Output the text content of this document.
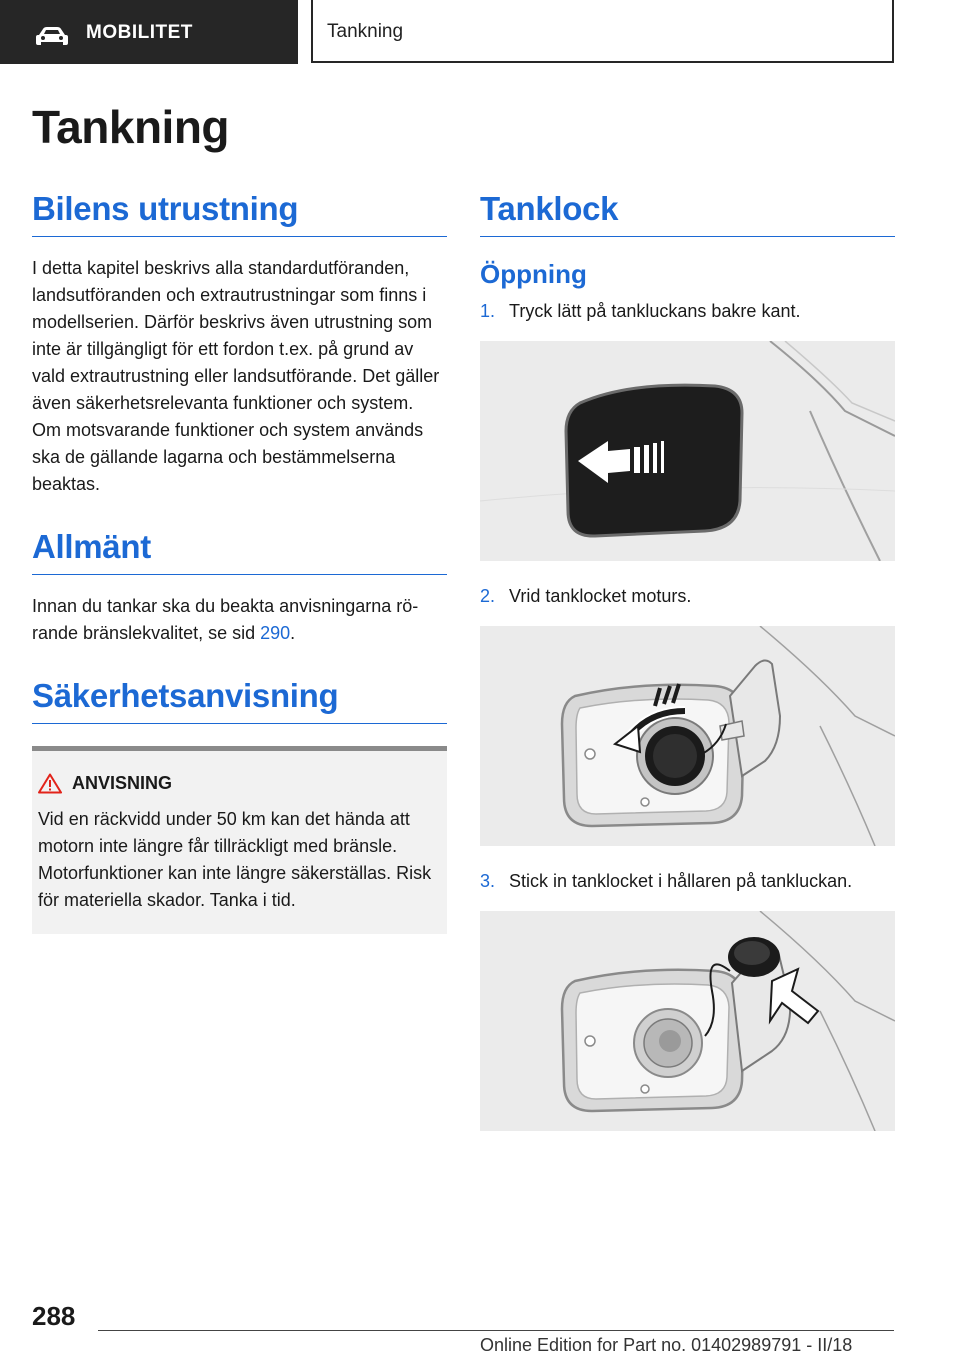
MOBILITET	Tankning
Tankning
Bilens utrustning

I detta kapitel beskrivs alla standardutföranden, landsutföranden och extrautrustningar som finns i modellserien. Därför beskrivs även utrustning som inte är tillgängligt för ett fordon t.ex. på grund av vald extrautrustning eller landsutförande. Det gäller även säkerhetsrelevanta funktioner och system. Om motsvarande funktioner och system används ska de gällande lagarna och bestämmelserna beaktas.

Allmänt

Innan du tankar ska du beakta anvisningarna rörande bränslekvalitet, se sid 290.

Säkerhetsanvisning
ANVISNING
Vid en räckvidd under 50 km kan det hända att motorn inte längre får tillräckligt med bränsle. Motorfunktioner kan inte längre säkerställas. Risk för materiella skador. Tanka i tid.
Tanklock
Öppning
1. Tryck lätt på tankluckans bakre kant.
2. Vrid tanklocket moturs.
3. Stick in tanklocket i hållaren på tankluckan.
288
Online Edition for Part no. 01402989791 - II/18
